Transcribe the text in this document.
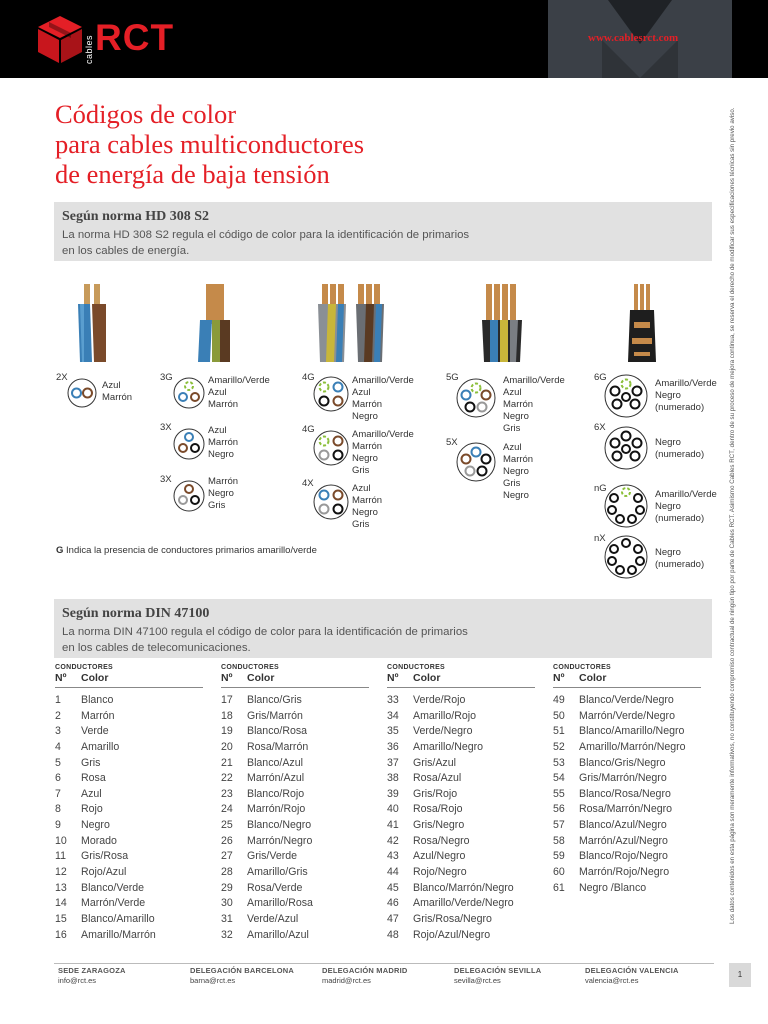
cables RCT	www.cablesrct.com
Códigos de color
para cables multiconductores
de energía de baja tensión
Según norma HD 308 S2
La norma HD 308 S2 regula el código de color para la identificación de primarios en los cables de energía.
2X
Azul
Marrón
3G	Amarillo/Verde
Azul
Marrón
3X	Azul
Marrón
Negro
3X	Marrón
Negro
Gris
4G	Amarillo/Verde
Azul
Marrón
Negro
4G	Amarillo/Verde
Marrón
Negro
Gris
4X	Azul
Marrón
Negro
Gris
5G	Amarillo/Verde
Azul
Marrón
Negro
Gris
5X	Azul
Marrón
Negro
Gris
Negro
6G
Amarillo/Verde
Negro
(numerado)
6X
Negro
(numerado)
nG
Amarillo/Verde
Negro
(numerado)
nX
Negro
(numerado)
G Indica la presencia de conductores primarios amarillo/verde
Según norma DIN 47100
La norma DIN 47100 regula el código de color para la identificación de primarios en los cables de telecomunicaciones.
CONDUCTORES
Nº	Color
1	Blanco
2	Marrón
3	Verde
4	Amarillo
5	Gris
6	Rosa
7	Azul
8	Rojo
9	Negro
10	Morado
11	Gris/Rosa
12	Rojo/Azul
13	Blanco/Verde
14	Marrón/Verde
15	Blanco/Amarillo
16	Amarillo/Marrón
CONDUCTORES
Nº	Color
17	Blanco/Gris
18	Gris/Marrón
19	Blanco/Rosa
20	Rosa/Marrón
21	Blanco/Azul
22	Marrón/Azul
23	Blanco/Rojo
24	Marrón/Rojo
25	Blanco/Negro
26	Marrón/Negro
27	Gris/Verde
28	Amarillo/Gris
29	Rosa/Verde
30	Amarillo/Rosa
31	Verde/Azul
32	Amarillo/Azul
CONDUCTORES
Nº	Color
33	Verde/Rojo
34	Amarillo/Rojo
35	Verde/Negro
36	Amarillo/Negro
37	Gris/Azul
38	Rosa/Azul
39	Gris/Rojo
40	Rosa/Rojo
41	Gris/Negro
42	Rosa/Negro
43	Azul/Negro
44	Rojo/Negro
45	Blanco/Marrón/Negro
46	Amarillo/Verde/Negro
47	Gris/Rosa/Negro
48	Rojo/Azul/Negro
CONDUCTORES
Nº	Color
49	Blanco/Verde/Negro
50	Marrón/Verde/Negro
51	Blanco/Amarillo/Negro
52	Amarillo/Marrón/Negro
53	Blanco/Gris/Negro
54	Gris/Marrón/Negro
55	Blanco/Rosa/Negro
56	Rosa/Marrón/Negro
57	Blanco/Azul/Negro
58	Marrón/Azul/Negro
59	Blanco/Rojo/Negro
60	Marrón/Rojo/Negro
61	Negro /Blanco	Los datos contenidos en esta página son meramente informativos, no constituyendo compromiso contractual de ningún tipo por parte de Cables RCT. Asimismo Cables RCT, dentro de su proceso de mejora continua, se reserva el derecho de modificar sus especificaciones técnicas sin previo aviso.
SEDE ZARAGOZA
info@rct.es
DELEGACIÓN BARCELONA
barna@rct.es
DELEGACIÓN MADRID
madrid@rct.es
DELEGACIÓN SEVILLA
sevilla@rct.es
DELEGACIÓN VALENCIA
valencia@rct.es
1
